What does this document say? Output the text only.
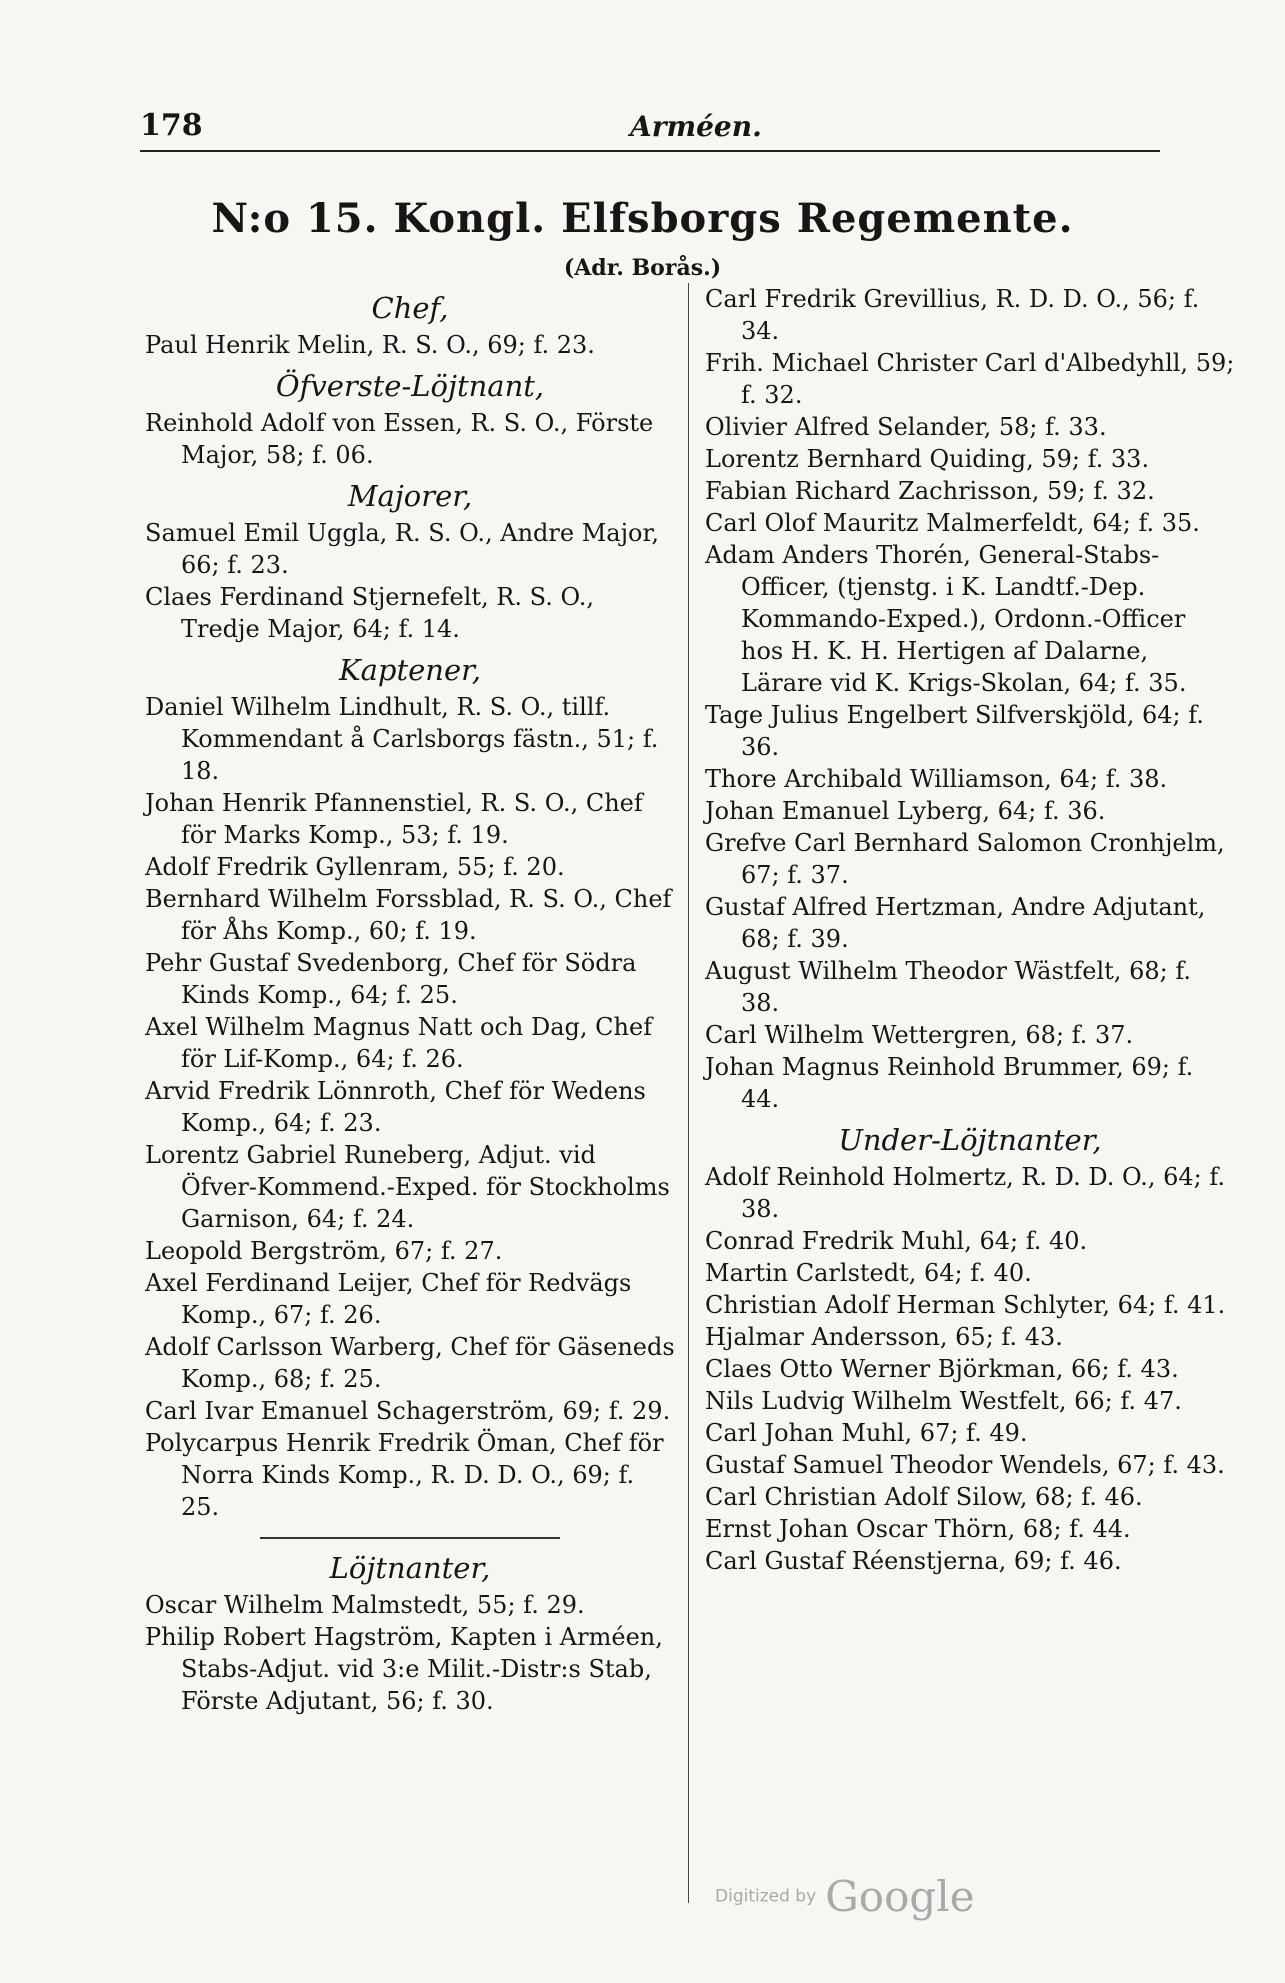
178	Arméen.
N:o 15. Kongl. Elfsborgs Regemente.
(Adr. Borås.)
Chef,

Paul Henrik Melin, R. S. O., 69; f. 23.

Öfverste-Löjtnant,

Reinhold Adolf von Essen, R. S. O., Förste Major, 58; f. 06.

Majorer,

Samuel Emil Uggla, R. S. O., Andre Major, 66; f. 23.

Claes Ferdinand Stjernefelt, R. S. O., Tredje Major, 64; f. 14.

Kaptener,

Daniel Wilhelm Lindhult, R. S. O., tillf. Kommendant å Carlsborgs fästn., 51; f. 18.

Johan Henrik Pfannenstiel, R. S. O., Chef för Marks Komp., 53; f. 19.

Adolf Fredrik Gyllenram, 55; f. 20.

Bernhard Wilhelm Forssblad, R. S. O., Chef för Åhs Komp., 60; f. 19.

Pehr Gustaf Svedenborg, Chef för Södra Kinds Komp., 64; f. 25.

Axel Wilhelm Magnus Natt och Dag, Chef för Lif-Komp., 64; f. 26.

Arvid Fredrik Lönnroth, Chef för Wedens Komp., 64; f. 23.

Lorentz Gabriel Runeberg, Adjut. vid Öfver-Kommend.-Exped. för Stockholms Garnison, 64; f. 24.

Leopold Bergström, 67; f. 27.

Axel Ferdinand Leijer, Chef för Redvägs Komp., 67; f. 26.

Adolf Carlsson Warberg, Chef för Gäseneds Komp., 68; f. 25.

Carl Ivar Emanuel Schagerström, 69; f. 29.

Polycarpus Henrik Fredrik Öman, Chef för Norra Kinds Komp., R. D. D. O., 69; f. 25.

Löjtnanter,

Oscar Wilhelm Malmstedt, 55; f. 29.

Philip Robert Hagström, Kapten i Arméen, Stabs-Adjut. vid 3:e Milit.-Distr:s Stab, Förste Adjutant, 56; f. 30.

Carl Fredrik Grevillius, R. D. D. O., 56; f. 34.

Frih. Michael Christer Carl d'Albedyhll, 59; f. 32.

Olivier Alfred Selander, 58; f. 33.

Lorentz Bernhard Quiding, 59; f. 33.

Fabian Richard Zachrisson, 59; f. 32.

Carl Olof Mauritz Malmerfeldt, 64; f. 35.

Adam Anders Thorén, General-Stabs-Officer, (tjenstg. i K. Landtf.-Dep. Kommando-Exped.), Ordonn.-Officer hos H. K. H. Hertigen af Dalarne, Lärare vid K. Krigs-Skolan, 64; f. 35.

Tage Julius Engelbert Silfverskjöld, 64; f. 36.

Thore Archibald Williamson, 64; f. 38.

Johan Emanuel Lyberg, 64; f. 36.

Grefve Carl Bernhard Salomon Cronhjelm, 67; f. 37.

Gustaf Alfred Hertzman, Andre Adjutant, 68; f. 39.

August Wilhelm Theodor Wästfelt, 68; f. 38.

Carl Wilhelm Wettergren, 68; f. 37.

Johan Magnus Reinhold Brummer, 69; f. 44.

Under-Löjtnanter,

Adolf Reinhold Holmertz, R. D. D. O., 64; f. 38.

Conrad Fredrik Muhl, 64; f. 40.

Martin Carlstedt, 64; f. 40.

Christian Adolf Herman Schlyter, 64; f. 41.

Hjalmar Andersson, 65; f. 43.

Claes Otto Werner Björkman, 66; f. 43.

Nils Ludvig Wilhelm Westfelt, 66; f. 47.

Carl Johan Muhl, 67; f. 49.

Gustaf Samuel Theodor Wendels, 67; f. 43.

Carl Christian Adolf Silow, 68; f. 46.

Ernst Johan Oscar Thörn, 68; f. 44.

Carl Gustaf Réenstjerna, 69; f. 46.

Digitized by Google
